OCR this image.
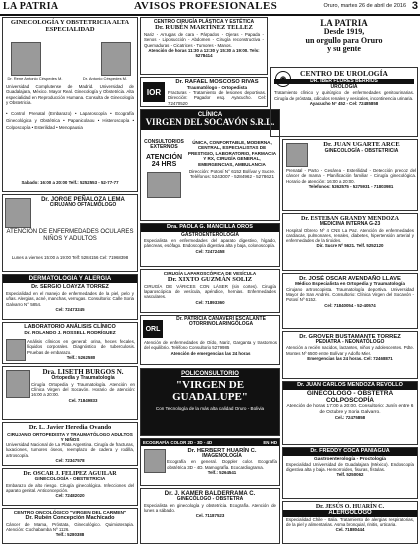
LA PATRIA	AVISOS PROFESIONALES	Oruro, martes 26 de abril de 2016 3
GINECOLOGÍA Y OBSTETRICIA ALTA ESPECIALIDAD
Dr. Rene Antonio Céspedes M.	Dr. Antonio Céspedes M.
Universidad Complutense de Madrid. Universidad de Guadalajara, México. Mayor Real. Ginecología y Obstetricia. Alta especialidad en Reproducción Humana. Consulta de Ginecología y Obstetricia.
• Control Prenatal (Embarazo) • Laparoscopía • Ecografía Ginecológica y Obstétrica • Papanicolaou • Histeroscopía • Colposcopía • Esterilidad • Menopausia
Sabado: 16:00 a 20:00 Telf.: 5252553 - 52-77-77
Dr. JORGE PEÑALOZA LEMA
CIRUJANO OFTALMÓLOGO
ATENCIÓN DE ENFERMEDADES OCULARES NIÑOS Y ADULTOS
Lunes a viernes 15:00 a 19:00 Telf: 5284156 Cel: 71968398
DERMATOLOGÍA Y ALERGIA
Dr. SERGIO LOAYZA TORREZ
Especialidad en el manejo de enfermedades de la piel, pelo y uñas. Alergias, acné, manchas, verrugas. Consultorio: Calle Soria Galvarro N° 5854.
Cel: 72473245
LABORATORIO ANÁLISIS CLÍNICO
Dr. ROLANDO J. ROSSELL RODRÍGUEZ
Análisis clínicos en general: orina, heces fecales, líquidos corporales. Diagnóstico de tuberculosis. Pruebas de embarazo.
Telf.: 5262580
Dra. LISETH BURGOS N.
Ortopedia y Traumatología
Cirugía Ortopedia y Traumatología. Atención en Clínica Virgen del Socavón. Horario de atención: 16:00 a 20:00.
Cel. 71849833
Dr. L. Javier Heredia Ovando
CIRUJANO ORTOPEDISTA Y TRAUMATÓLOGO ADULTOS Y NIÑOS
Universidad Nacional de La Plata Argentina. Cirugía de fracturas, luxaciones, tumores óseos, reemplazo de cadera y rodilla, artroscopía.
Cel: 72347578
Dr. OSCAR J. FELIPEZ AGUILAR
GINECOLOGÍA - OBSTETRICIA
Embarazo de alto riesgo. Cirugía ginecológica. Infecciones del aparato genital. Anticoncepción.
Cel: 72482020
CENTRO ONCOLÓGICO "VIRGEN DEL CARMEN"
Dr. Rubén Concepción Machicado
Cáncer de Mama, Próstata, Ginecológico. Quimioterapia. Atención: Cochabamba Nº 1126.
Telf.: 5280388
CENTRO CIRUGÍA PLÁSTICA Y ESTÉTICA
Dr. RUBÉN MARTÍNEZ TELLEZ
Nariz - Arrugas de cara - Párpados - Ojeras - Papada - Senos - Liposucción - Abdomen - Cirugía reconstructiva - Quemaduras - Cicatrices - Tumores - Manos.
Atención de horas 11:30 a 12:30 y 15:30 a 19:00. Tels: 5278414
IOR
Dr. RAFAEL MOSCOSO RIVAS
Traumatólogo - Ortopedista
Fracturas - Tratamiento de lesiones deportivas. Dirección: Pagador esq. Ayacucho. Cel: 72470520
CLÍNICA
VIRGEN DEL SOCAVÓN S.R.L.
CONSULTORIOS EXTERNOS
ATENCIÓN 24 HRS
ÚNICA, CONFORTABLE, MODERNA, CENTRAL, ESPECIALISTAS DE PRESTIGIO, LABORATORIO, FARMACIA Y RX, CIRUGÍA GENERAL, EMERGENCIAS, AMBULANCIA
Dirección: Potosí N° 6152 Bolívar y Sucre. Teléfonos: 5243007 - 5284962 - 5278621
Dra. PAOLA G. MANCILLA OROS
GASTROENTEROLOGÍA
Especialista en enfermedades del aparato digestivo, hígado, páncreas, esófago. Endoscopía digestiva alta y baja, colonoscopía.
Cel: 72472458
CIRUGÍA LAPAROSCÓPICA DE VESÍCULA
Dr. XIXTO GUZMÁN SOLIZ
CIRUGÍA DE VÁRICES CON LÁSER (sin cortes). Cirugía laparoscópica de vesícula, apéndice, hernias. Enfermedades vasculares.
Cel: 71893360
ORL
Dr. PATRICIA CANAVERI ESCALANTE
OTORRINOLARINGÓLOGA
Atención de enfermedades de Oído, Nariz, Garganta y trastornos del equilibrio. Teléfono Consultorio 5279985
Atención de emergencias las 24 horas
POLICONSULTORIO
"VIRGEN DE
GUADALUPE"
Con Tecnología de la más alta calidad Oruro - Bolivia
ECOGRAFÍA COLOR 2D - 3D - 4D	EN HD
Dr. HERBERT HUARÍN C.
IMAGENOLOGÍA
Ecografía en general. Doppler color. Ecografía obstétrica 3D - 4D. Mamografía. Ecocardiograma.
Telf.: 5264541
Dr. J. KAMER BALDERRAMA C.
GINECÓLOGO - OBSTETRA
Especialista en ginecología y obstetricia. Ecografía. Atención de lunes a sábado.
Cel. 71187523
LA PATRIA
Desde 1919,
un orgullo para Oruro
y su gente
◉
CENTRO DE UROLOGÍA
DR. IBER FLORES BERRIOS
UROLOGÍA
Tratamiento clínico y quirúrgico de enfermedades genitourinarias. Cirugía de próstata, cálculos renales y vesicales, incontinencia urinaria.
Ayacucho N° 452 - Cel: 72485858
Dr. JUAN UGARTE ARCE
GINECOLOGÍA - OBSTETRICIA
Prenatal - Parto - Cesárea - Esterilidad - Detección precoz del cáncer de mama - Planificación familiar - Cirugía ginecológica. Horario de atención: 16:00 a 20:00.
Telefonos: 5262575 - 5275931 - 71803981
Dr. ESTEBAN GRANDY MENDOZA
MEDICINA INTERNA G-23
Hospital Obrero Nº 4 CNS La Paz. Atención de enfermedades cardiacas, pulmonares, renales, diabetes, hipertensión arterial y enfermedades de la tiroides.
Dir. Sucre Nº 5621. Telf. 5252120
Dr. JOSÉ OSCAR AVENDAÑO LLAVE
Médico Especialista en Ortopedia y Traumatología
Cirujano artroscopista. Traumatología deportiva. Universidad Mayor de San Andrés. Consultorio: Clínica Virgen del Socavón - Potosí Nº 6152.
Cel: 71840054 - 52-40574
Dr. GROVER BUSTAMANTE TORREZ
PEDIATRA - NEONATÓLOGO
Atención a recién nacidos, lactantes, niños y adolescentes. Pdte. Montes Nº 6500 entre Bolívar y Adolfo Mier.
Emergencias las 24 horas. Cel: 72468871
Dr. JUAN CARLOS MENDOZA REVOLLO
GINECÓLOGO - OBSTETRA
COLPOSCOPÍA
Atención de horas 17:00 a 20:00. Consultorio: Junín entre 6 de Octubre y Soria Galvarro.
Cel.: 72475858
Dr. FREDDY COCA PANIAGUA
Gastroenterología - Proctología
Especialidad Universidad de Guadalajara (México). Endoscopía digestiva alta y baja. Hemorroides, fisuras, fístulas.
Telf. 5250062
Dr. JESÚS O. HUARÍN C.
ALERGÓLOGO
Especialidad Chile - Italia. Tratamiento de alergias respiratorias, de la piel y alimentarias. Asma bronquial, rinitis, urticaria.
Cel. 71880444
